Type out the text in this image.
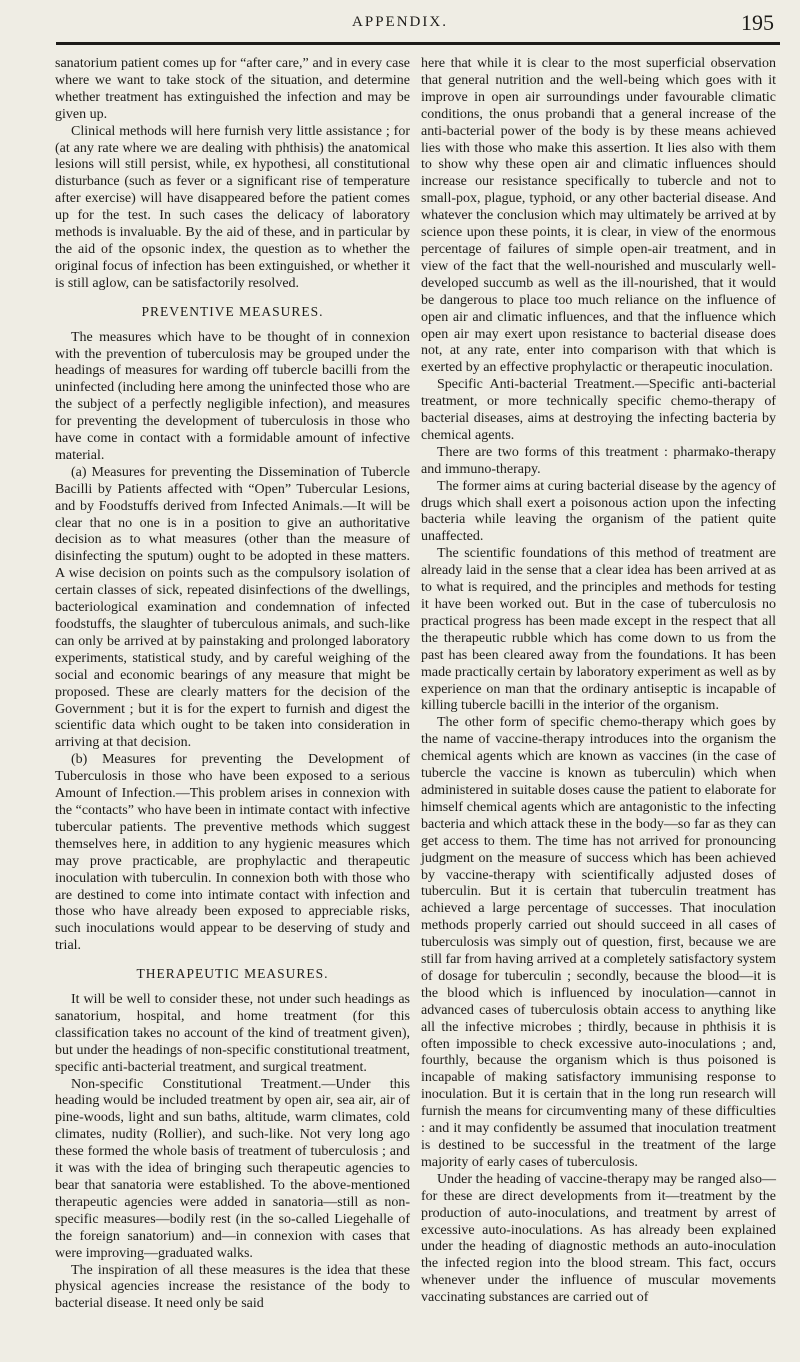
APPENDIX.	195

sanatorium patient comes up for “after care,” and in every case where we want to take stock of the situation, and determine whether treatment has extinguished the infection and may be given up.

Clinical methods will here furnish very little assistance ; for (at any rate where we are dealing with phthisis) the anatomical lesions will still persist, while, ex hypothesi, all constitutional disturbance (such as fever or a significant rise of temperature after exercise) will have disappeared before the patient comes up for the test. In such cases the delicacy of laboratory methods is invaluable. By the aid of these, and in particular by the aid of the opsonic index, the question as to whether the original focus of infection has been extinguished, or whether it is still aglow, can be satisfactorily resolved.

PREVENTIVE MEASURES.

The measures which have to be thought of in connexion with the prevention of tuberculosis may be grouped under the headings of measures for warding off tubercle bacilli from the uninfected (including here among the uninfected those who are the subject of a perfectly negligible infection), and measures for preventing the development of tuberculosis in those who have come in contact with a formidable amount of infective material.

(a) Measures for preventing the Dissemination of Tubercle Bacilli by Patients affected with “Open” Tubercular Lesions, and by Foodstuffs derived from Infected Animals.—It will be clear that no one is in a position to give an authoritative decision as to what measures (other than the measure of disinfecting the sputum) ought to be adopted in these matters. A wise decision on points such as the compulsory isolation of certain classes of sick, repeated disinfections of the dwellings, bacteriological examination and condemnation of infected foodstuffs, the slaughter of tuberculous animals, and such-like can only be arrived at by painstaking and prolonged laboratory experiments, statistical study, and by careful weighing of the social and economic bearings of any measure that might be proposed. These are clearly matters for the decision of the Government ; but it is for the expert to furnish and digest the scientific data which ought to be taken into consideration in arriving at that decision.

(b) Measures for preventing the Development of Tuberculosis in those who have been exposed to a serious Amount of Infection.—This problem arises in connexion with the “contacts” who have been in intimate contact with infective tubercular patients. The preventive methods which suggest themselves here, in addition to any hygienic measures which may prove practicable, are prophylactic and therapeutic inoculation with tuberculin. In connexion both with those who are destined to come into intimate contact with infection and those who have already been exposed to appreciable risks, such inoculations would appear to be deserving of study and trial.

THERAPEUTIC MEASURES.

It will be well to consider these, not under such headings as sanatorium, hospital, and home treatment (for this classification takes no account of the kind of treatment given), but under the headings of non-specific constitutional treatment, specific anti-bacterial treatment, and surgical treatment.

Non-specific Constitutional Treatment.—Under this heading would be included treatment by open air, sea air, air of pine-woods, light and sun baths, altitude, warm climates, cold climates, nudity (Rollier), and such-like. Not very long ago these formed the whole basis of treatment of tuberculosis ; and it was with the idea of bringing such therapeutic agencies to bear that sanatoria were established. To the above-mentioned therapeutic agencies were added in sanatoria—still as non-specific measures—bodily rest (in the so-called Liegehalle of the foreign sanatorium) and—in connexion with cases that were improving—graduated walks.

The inspiration of all these measures is the idea that these physical agencies increase the resistance of the body to bacterial disease. It need only be said

here that while it is clear to the most superficial observation that general nutrition and the well-being which goes with it improve in open air surroundings under favourable climatic conditions, the onus probandi that a general increase of the anti-bacterial power of the body is by these means achieved lies with those who make this assertion. It lies also with them to show why these open air and climatic influences should increase our resistance specifically to tubercle and not to small-pox, plague, typhoid, or any other bacterial disease. And whatever the conclusion which may ultimately be arrived at by science upon these points, it is clear, in view of the enormous percentage of failures of simple open-air treatment, and in view of the fact that the well-nourished and muscularly well-developed succumb as well as the ill-nourished, that it would be dangerous to place too much reliance on the influence of open air and climatic influences, and that the influence which open air may exert upon resistance to bacterial disease does not, at any rate, enter into comparison with that which is exerted by an effective prophylactic or therapeutic inoculation.

Specific Anti-bacterial Treatment.—Specific anti-bacterial treatment, or more technically specific chemo-therapy of bacterial diseases, aims at destroying the infecting bacteria by chemical agents.

There are two forms of this treatment : pharmako-therapy and immuno-therapy.

The former aims at curing bacterial disease by the agency of drugs which shall exert a poisonous action upon the infecting bacteria while leaving the organism of the patient quite unaffected.

The scientific foundations of this method of treatment are already laid in the sense that a clear idea has been arrived at as to what is required, and the principles and methods for testing it have been worked out. But in the case of tuberculosis no practical progress has been made except in the respect that all the therapeutic rubble which has come down to us from the past has been cleared away from the foundations. It has been made practically certain by laboratory experiment as well as by experience on man that the ordinary antiseptic is incapable of killing tubercle bacilli in the interior of the organism.

The other form of specific chemo-therapy which goes by the name of vaccine-therapy introduces into the organism the chemical agents which are known as vaccines (in the case of tubercle the vaccine is known as tuberculin) which when administered in suitable doses cause the patient to elaborate for himself chemical agents which are antagonistic to the infecting bacteria and which attack these in the body—so far as they can get access to them. The time has not arrived for pronouncing judgment on the measure of success which has been achieved by vaccine-therapy with scientifically adjusted doses of tuberculin. But it is certain that tuberculin treatment has achieved a large percentage of successes. That inoculation methods properly carried out should succeed in all cases of tuberculosis was simply out of question, first, because we are still far from having arrived at a completely satisfactory system of dosage for tuberculin ; secondly, because the blood—it is the blood which is influenced by inoculation—cannot in advanced cases of tuberculosis obtain access to anything like all the infective microbes ; thirdly, because in phthisis it is often impossible to check excessive auto-inoculations ; and, fourthly, because the organism which is thus poisoned is incapable of making satisfactory immunising response to inoculation. But it is certain that in the long run research will furnish the means for circumventing many of these difficulties : and it may confidently be assumed that inoculation treatment is destined to be successful in the treatment of the large majority of early cases of tuberculosis.

Under the heading of vaccine-therapy may be ranged also—for these are direct developments from it—treatment by the production of auto-inoculations, and treatment by arrest of excessive auto-inoculations. As has already been explained under the heading of diagnostic methods an auto-inoculation the infected region into the blood stream. This fact, occurs whenever under the influence of muscular movements vaccinating substances are carried out of
